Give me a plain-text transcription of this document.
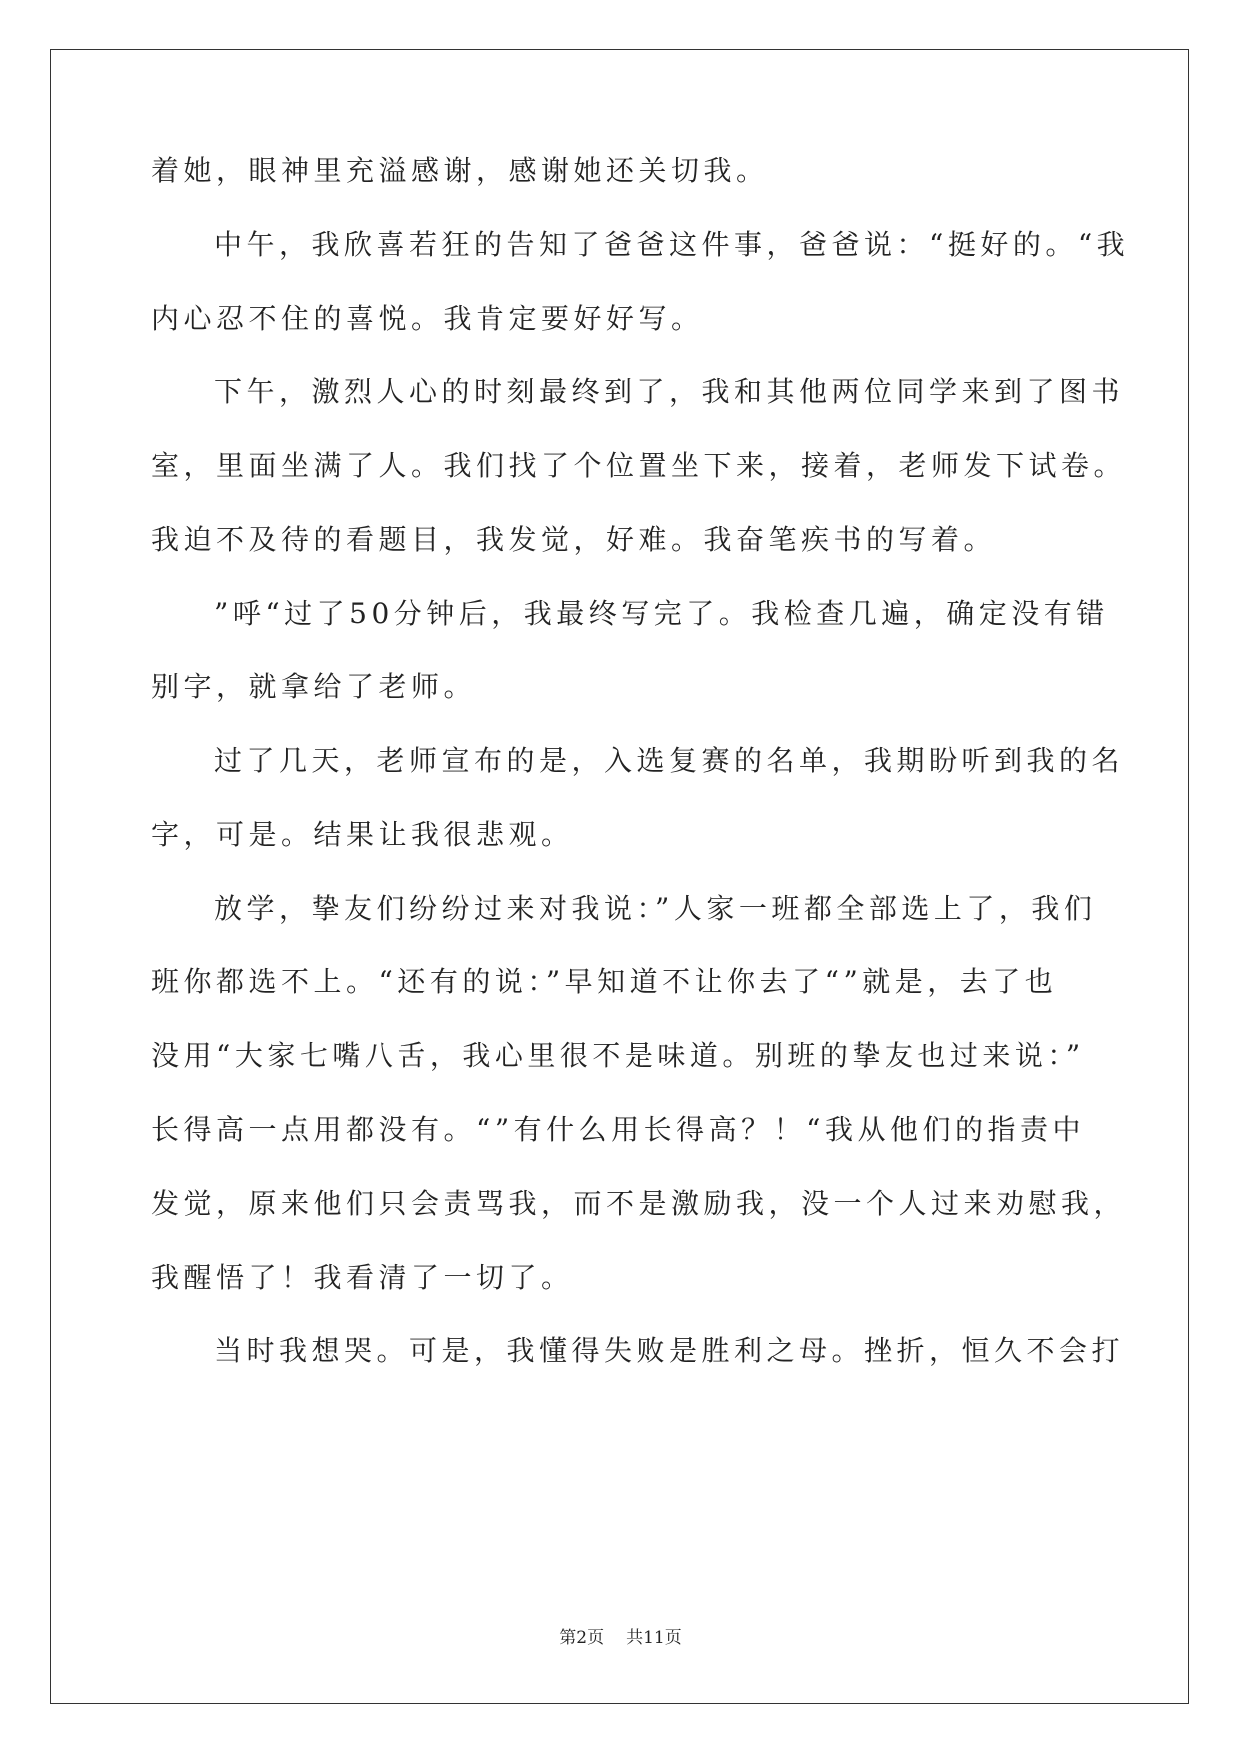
着她，眼神里充溢感谢，感谢她还关切我。
中午，我欣喜若狂的告知了爸爸这件事，爸爸说：“挺好的。“我
内心忍不住的喜悦。我肯定要好好写。
下午，激烈人心的时刻最终到了，我和其他两位同学来到了图书
室，里面坐满了人。我们找了个位置坐下来，接着，老师发下试卷。
我迫不及待的看题目，我发觉，好难。我奋笔疾书的写着。
”呼“过了50分钟后，我最终写完了。我检查几遍，确定没有错
别字，就拿给了老师。
过了几天，老师宣布的是，入选复赛的名单，我期盼听到我的名
字，可是。结果让我很悲观。
放学，挚友们纷纷过来对我说：”人家一班都全部选上了，我们
班你都选不上。“还有的说：”早知道不让你去了“”就是，去了也
没用“大家七嘴八舌，我心里很不是味道。别班的挚友也过来说：”
长得高一点用都没有。“”有什么用长得高？！“我从他们的指责中
发觉，原来他们只会责骂我，而不是激励我，没一个人过来劝慰我，
我醒悟了！我看清了一切了。
当时我想哭。可是，我懂得失败是胜利之母。挫折，恒久不会打
第2页 共11页
